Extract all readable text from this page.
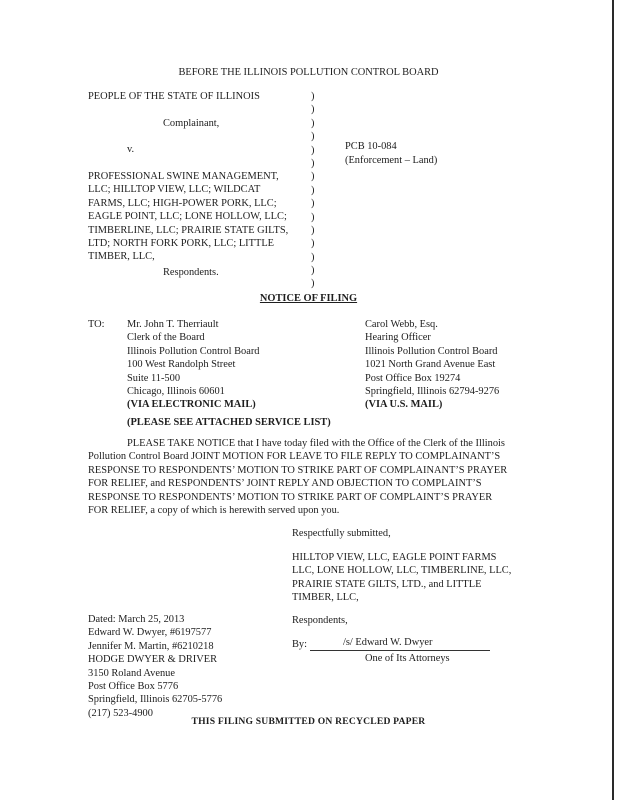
BEFORE THE ILLINOIS POLLUTION CONTROL BOARD
PEOPLE OF THE STATE OF ILLINOIS
Complainant,
v.
PROFESSIONAL SWINE MANAGEMENT,
LLC; HILLTOP VIEW, LLC; WILDCAT
FARMS, LLC; HIGH-POWER PORK, LLC;
EAGLE POINT, LLC; LONE HOLLOW, LLC;
TIMBERLINE, LLC; PRAIRIE STATE GILTS,
LTD; NORTH FORK PORK, LLC; LITTLE
TIMBER, LLC,
Respondents.
)
)
)
)
)
)
)
)
)
)
)
)
)
)
)
PCB 10-084
(Enforcement – Land)
NOTICE OF FILING
TO: Mr. John T. Therriault
Clerk of the Board
Illinois Pollution Control Board
100 West Randolph Street
Suite 11-500
Chicago, Illinois 60601
(VIA ELECTRONIC MAIL)
Carol Webb, Esq.
Hearing Officer
Illinois Pollution Control Board
1021 North Grand Avenue East
Post Office Box 19274
Springfield, Illinois 62794-9276
(VIA U.S. MAIL)
(PLEASE SEE ATTACHED SERVICE LIST)
PLEASE TAKE NOTICE that I have today filed with the Office of the Clerk of the Illinois
Pollution Control Board JOINT MOTION FOR LEAVE TO FILE REPLY TO COMPLAINANT’S
RESPONSE TO RESPONDENTS’ MOTION TO STRIKE PART OF COMPLAINANT’S PRAYER
FOR RELIEF, and RESPONDENTS’ JOINT REPLY AND OBJECTION TO COMPLAINT’S
RESPONSE TO RESPONDENTS’ MOTION TO STRIKE PART OF COMPLAINT’S PRAYER
FOR RELIEF, a copy of which is herewith served upon you.
Respectfully submitted,
HILLTOP VIEW, LLC, EAGLE POINT FARMS
LLC, LONE HOLLOW, LLC, TIMBERLINE, LLC,
PRAIRIE STATE GILTS, LTD., and LITTLE
TIMBER, LLC,
Respondents,
By:	/s/ Edward W. Dwyer
One of Its Attorneys
Dated: March 25, 2013
Edward W. Dwyer, #6197577
Jennifer M. Martin, #6210218
HODGE DWYER & DRIVER
3150 Roland Avenue
Post Office Box 5776
Springfield, Illinois 62705-5776
(217) 523-4900
THIS FILING SUBMITTED ON RECYCLED PAPER
